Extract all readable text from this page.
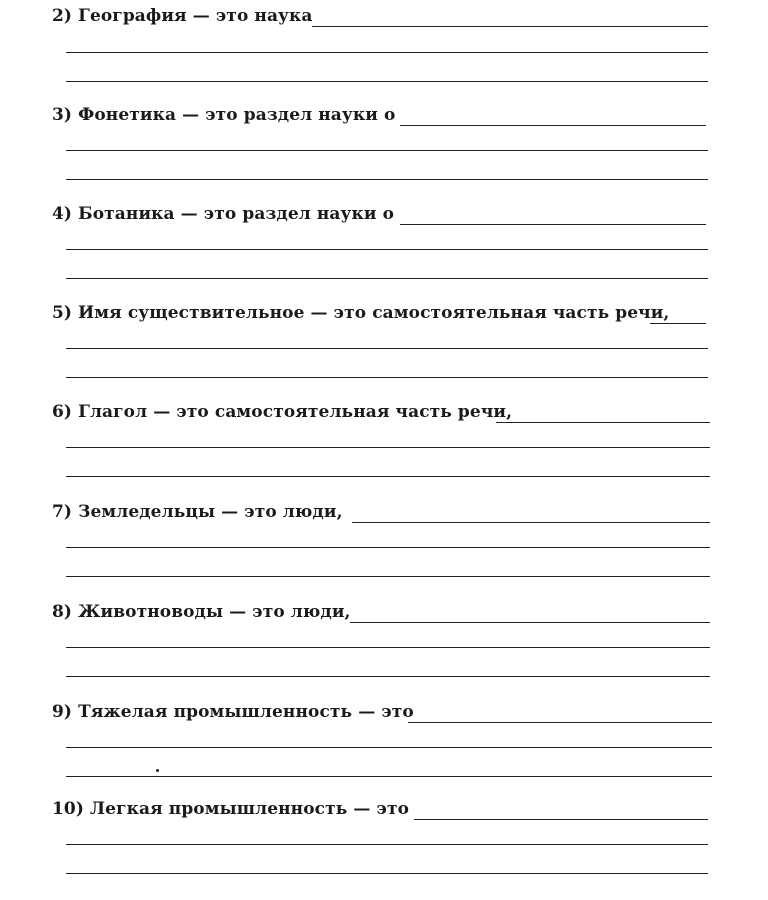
2)
География — это наука
3)
Фонетика — это раздел науки о
4)
Ботаника — это раздел науки о
5)
Имя существительное — это самостоятельная часть речи,
6)
Глагол — это самостоятельная часть речи,
7)
Земледельцы — это люди,
8)
Животноводы — это люди,
9)
Тяжелая промышленность — это
10)
Легкая промышленность — это
